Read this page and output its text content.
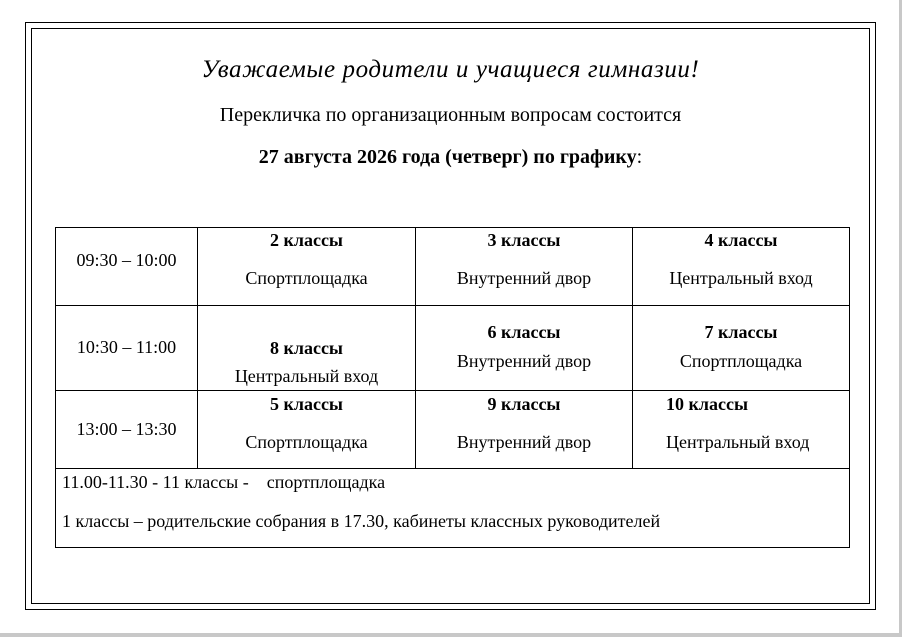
Уважаемые родители и учащиеся гимназии!
Перекличка по организационным вопросам состоится
27 августа 2026 года (четверг) по графику:
09:30 – 10:00
2 классы
Спортплощадка
3 классы
Внутренний двор
4 классы
Центральный вход
10:30 – 11:00	8 классы
Центральный вход
6 классы
Внутренний двор
7 классы
Спортплощадка
13:00 – 13:30
5 классы
Спортплощадка
9 классы
Внутренний двор
10 классы
Центральный вход
11.00-11.30 - 11 классы -    спортплощадка
1 классы – родительские собрания в 17.30, кабинеты классных руководителей
